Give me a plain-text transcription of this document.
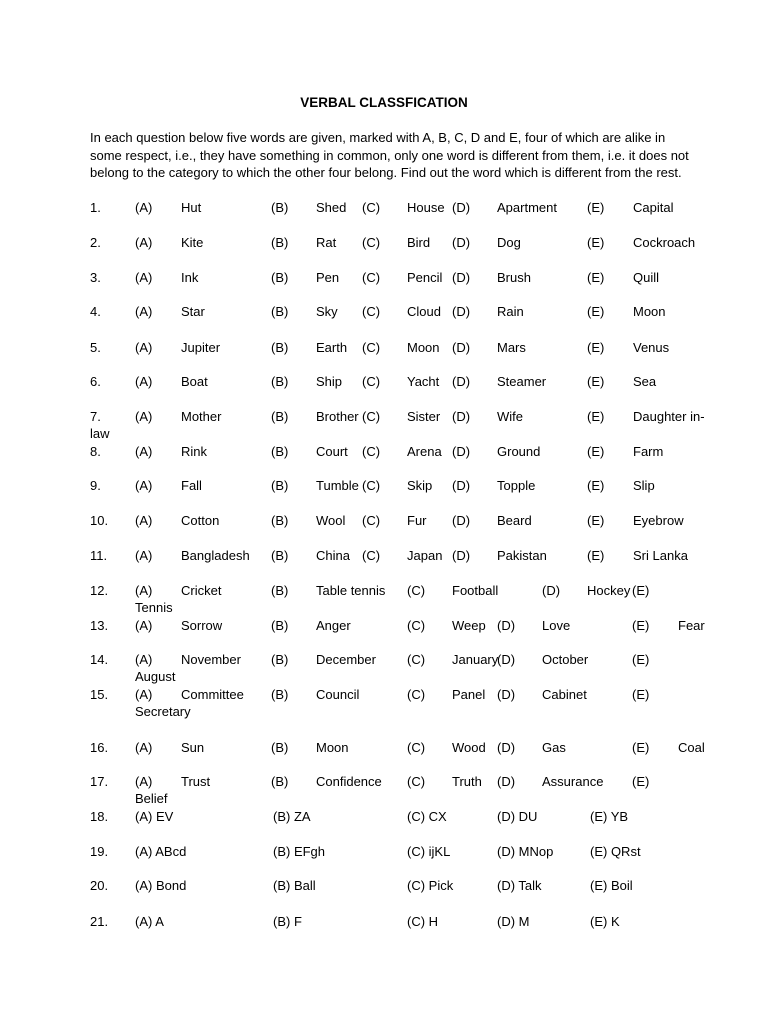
VERBAL CLASSFICATION
In each question below five words are given, marked with A, B, C, D and E, four of which are alike in some respect, i.e., they have something in common, only one word is different from them, i.e. it does not belong to the category to which the other four belong. Find out the word which is different from the rest.
1.	(A) Hut	(B) Shed (C) House (D) Apartment (E) Capital
2.	(A) Kite	(B) Rat (C) Bird (D) Dog	(E) Cockroach
3.	(A) Ink	(B) Pen (C) Pencil (D) Brush	(E) Quill
4.	(A) Star	(B) Sky (C) Cloud (D) Rain	(E) Moon
5.	(A) Jupiter	(B) Earth (C) Moon (D) Mars	(E) Venus
6.	(A) Boat	(B) Ship (C) Yacht (D) Steamer	(E) Sea
7.	(A) Mother	(B) Brother (C) Sister (D) Wife	(E) Daughter in-
law
8.	(A) Rink	(B) Court (C) Arena (D) Ground	(E) Farm
9.	(A) Fall	(B) Tumble (C) Skip (D) Topple	(E) Slip
10. (A) Cotton	(B) Wool (C) Fur (D) Beard	(E) Eyebrow
11. (A) Bangladesh (B) China (C) Japan (D) Pakistan	(E) Sri Lanka
12. (A) Cricket	(B) Table tennis (C) Football	(D) Hockey (E)
Tennis
13. (A) Sorrow	(B) Anger	(C) Weep (D) Love	(E) Fear
14. (A) November (B) December (C) January
(D) October	(E)
August
15. (A) Committee (B) Council	(C) Panel (D) Cabinet	(E)
Secretary
16. (A) Sun	(B) Moon	(C) Wood (D) Gas	(E) Coal
17. (A) Trust	(B) Confidence (C) Truth (D) Assurance (E)
Belief
18. (A) EV	(B) ZA	(C) CX	(D) DU	(E) YB
19. (A) ABcd	(B) EFgh	(C) ijKL	(D) MNop	(E) QRst
20. (A) Bond	(B) Ball	(C) Pick	(D) Talk	(E) Boil
21. (A) A	(B) F	(C) H	(D) M	(E) K
